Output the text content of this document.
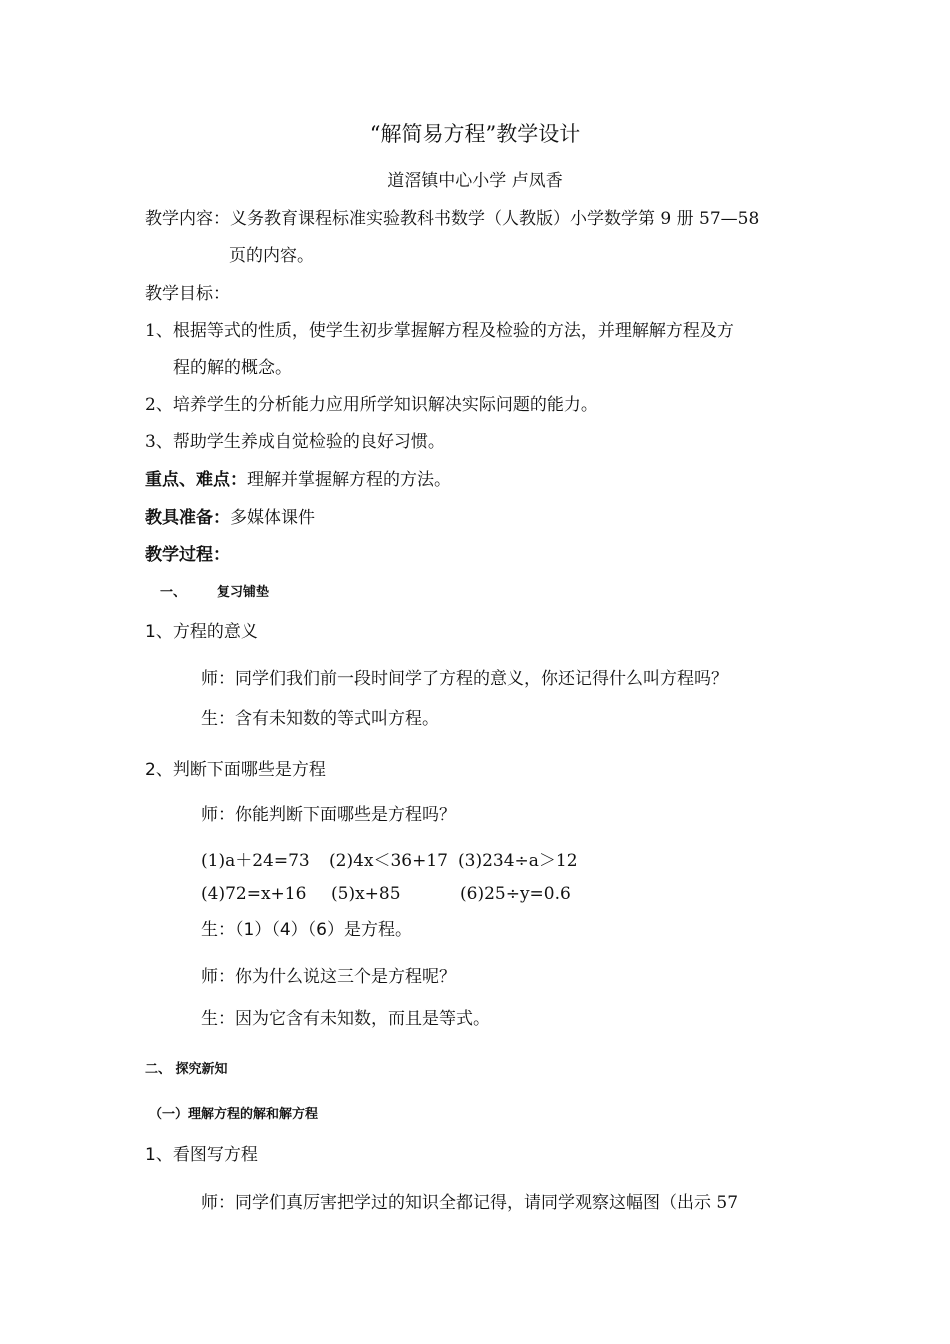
“解简易方程”教学设计
道滘镇中心小学 卢凤香
教学内容：义务教育课程标准实验教科书数学（人教版）小学数学第 9 册 57—58
页的内容。
教学目标：
1、根据等式的性质，使学生初步掌握解方程及检验的方法，并理解解方程及方
程的解的概念。
2、培养学生的分析能力应用所学知识解决实际问题的能力。
3、帮助学生养成自觉检验的良好习惯。
重点、难点：理解并掌握解方程的方法。
教具准备：多媒体课件
教学过程：
一、 复习铺垫
1、方程的意义
师：同学们我们前一段时间学了方程的意义，你还记得什么叫方程吗？
生：含有未知数的等式叫方程。
2、判断下面哪些是方程
师：你能判断下面哪些是方程吗？
(1)a＋24=73 (2)4x＜36+17 (3)234÷a＞12
(4)72=x+16 (5)x+85	(6)25÷y=0.6
生：（1）（4）（6）是方程。
师：你为什么说这三个是方程呢？
生：因为它含有未知数，而且是等式。
二、 探究新知
（一）理解方程的解和解方程
1、看图写方程
师：同学们真厉害把学过的知识全都记得，请同学观察这幅图（出示 57
